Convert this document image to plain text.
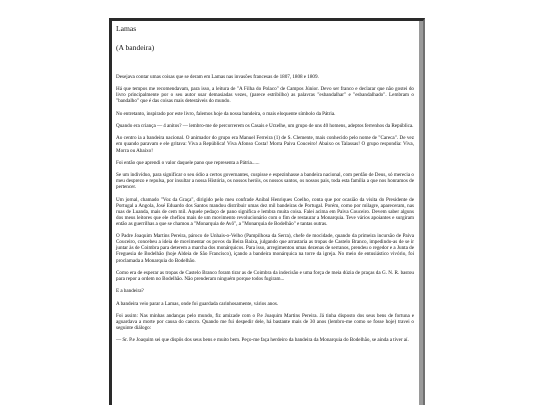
Lamas

(A bandeira)

Desejava contar umas coisas que se deram em Lamas nas invasões francesas de 1807, 1808 e 1809.

Há que tempos me recomendavam, para isso, a leitura de "A Filha do Polaco" de Campos Júnior. Devo ser franco e declarar que não gostei do livro principalmente por o seu autor usar demasiadas vezes, (parece estribilho) as palavras "esbandalhar" e "esbandalhado". Lembram o "bandalho" que é das coisas mais detestáveis do mundo.

No entretanto, inspirado por este livro, falemos hoje da nossa bandeira, o mais eloquente símbolo da Pátria.

Quando era criança — 4 anitos? — lembro-me de percorrerem os Casais e Urzelhe, um grupo de uns 40 homens, adeptos ferrenhos da República.

Ao centro ia a bandeira nacional. O animador do grupo era Manuel Ferreira (1) de S. Clemente, mais conhecido pelo nome de "Careca". De vez em quando paravam e ele gritava: Viva a República! Viva Afonso Costa! Morra Paiva Couceiro! Abaixo os Talassas! O grupo respondia: Viva, Morra ou Abaixo!

Foi então que aprendi o valor daquele pano que representa a Pátria......

Se um indivíduo, para significar o seu ódio a certos governantes, cuspisse e espezinhasse a bandeira nacional, com perdão de Deus, só merecia o meu desprezo e repulsa, por insultar a nossa História, os nossos heróis, os nossos santos, os nossos pais, toda esta família a que nos honramos de pertencer.

Um jornal, chamado "Voz da Graça", dirigido pelo meu confrade Aníbal Henriques Coelho, conta que por ocasião da visita do Presidente de Portugal a Angola, José Eduardo dos Santos mandou distribuir umas dez mil bandeiras de Portugal. Porém, como por milagre, apareceram, nas ruas de Luanda, mais de cem mil. Aquele pedaço de pano significa e lembra muita coisa. Falei acima em Paiva Couceiro. Devem saber alguns dos meus leitores que ele chefiou mais de um movimento revolucionário com o fim de restaurar a Monarquia. Teve vários apoiantes e surgiram então as guerrilhas a que se chamou a "Monarquia de Avô", a "Monarquia de Bodelhão" e tantas outras.

O Padre Joaquim Martins Pereira, pároco de Unhais-o-Velho (Pampilhosa da Serra), chefe de mocidade, quando da primeira incursão de Paiva Couceiro, concebeu a ideia de movimentar os povos da Beira Baixa, julgando que arrastaria as tropas de Castelo Branco, impedindo-as de se ir juntar às de Coimbra para deterem a marcha dos monárquicos. Para isso, arregimentou umas dezenas de serranos, prendeu o regedor e a Junta de Freguesia de Bodelhão (hoje Aldeia de São Francisco), içando a bandeira monárquica na torre da igreja. No meio de entusiástico vivório, foi proclamada a Monarquia do Bodelhão.

Como era de esperar as tropas de Castelo Branco foram tirar as de Coimbra da indecisão e uma força de meia dúzia de praças da G. N. R. bastou para repor a ordem no Bodelhão. Não prenderam ninguém porque todos fugiram...

E a bandeira?

A bandeira veio parar a Lamas, onde foi guardada carinhosamente, vários anos.

Foi assim: Nas minhas andanças pelo mundo, fiz amizade com o P.e Joaquim Martins Pereira. Já tinha disposto dos seus bens de fortuna e aguardava a morte por causa do cancro. Quando me fui despedir dele, há bastante mais de 30 anos (lembro-me como se fosse hoje) travei o seguinte diálogo:

— Sr. P.e Joaquim sei que dispôs dos seus bens e muito bem. Peço-me faça herdeiro da bandeira da Monarquia do Bodelhão, se ainda a tiver aí.
